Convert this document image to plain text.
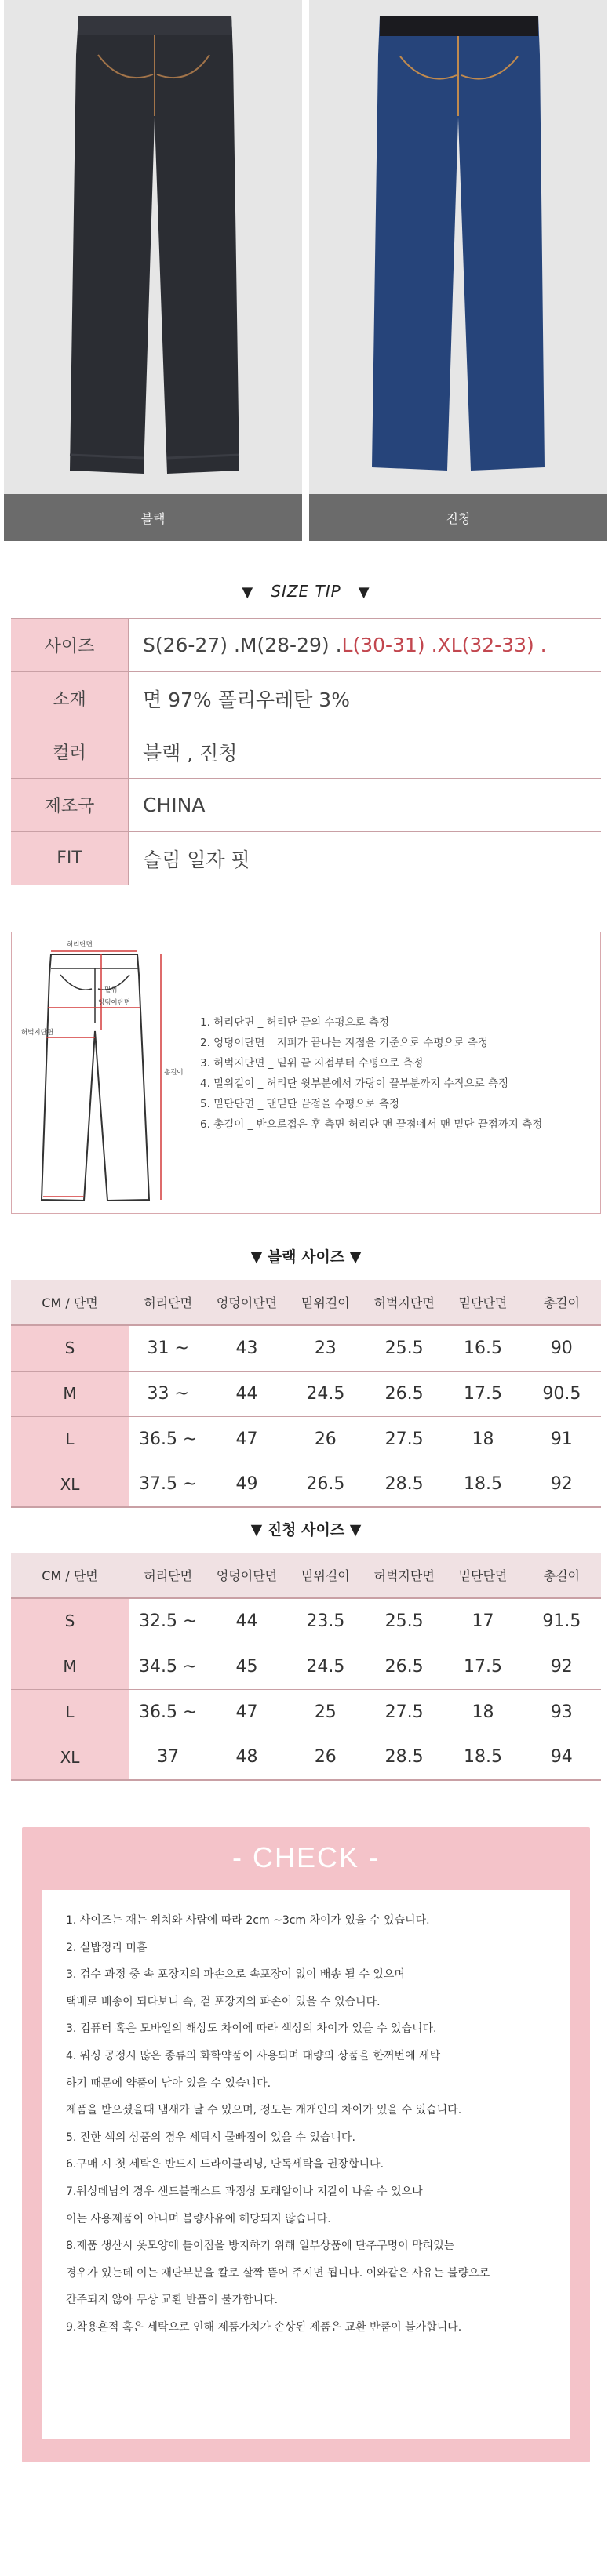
블랙	진청
▼ SIZE TIP ▼
사이즈	S(26-27) . M(28-29) . L(30-31) . XL(32-33) .
소재	면 97% 폴리우레탄 3%
컬러	블랙 , 진청
제조국	CHINA
FIT	슬림 일자 핏
허리단면
엉덩이단면
밑위
허벅지단면
총길이
1. 허리단면 _ 허리단 끝의 수평으로 측정
2. 엉덩이단면 _ 지퍼가 끝나는 지점을 기준으로 수평으로 측정
3. 허벅지단면 _ 밑위 끝 지점부터 수평으로 측정
4. 밑위길이 _ 허리단 윗부분에서 가랑이 끝부분까지 수직으로 측정
5. 밑단단면 _ 맨밑단 끝점을 수평으로 측정
6. 총길이 _ 반으로접은 후 측면 허리단 맨 끝점에서 맨 밑단 끝점까지 측정
▼ 블랙 사이즈 ▼
CM / 단면	허리단면	엉덩이단면	밑위길이	허벅지단면	밑단단면	총길이
S	31 ~	43	23	25.5	16.5	90
M	33 ~	44	24.5	26.5	17.5	90.5
L	36.5 ~	47	26	27.5	18	91
XL	37.5 ~	49	26.5	28.5	18.5	92
▼ 진청 사이즈 ▼
CM / 단면	허리단면	엉덩이단면	밑위길이	허벅지단면	밑단단면	총길이
S	32.5 ~	44	23.5	25.5	17	91.5
M	34.5 ~	45	24.5	26.5	17.5	92
L	36.5 ~	47	25	27.5	18	93
XL	37	48	26	28.5	18.5	94
- CHECK -
1. 사이즈는 재는 위치와 사람에 따라 2cm ~3cm 차이가 있을 수 있습니다.
2. 실밥정리 미흡
3. 검수 과정 중 속 포장지의 파손으로 속포장이 없이 배송 될 수 있으며
택배로 배송이 되다보니 속, 겉 포장지의 파손이 있을 수 있습니다.
3. 컴퓨터 혹은 모바일의 해상도 차이에 따라 색상의 차이가 있을 수 있습니다.
4. 워싱 공정시 많은 종류의 화학약품이 사용되며 대량의 상품을 한꺼번에 세탁
하기 때문에 약품이 남아 있을 수 있습니다.
제품을 받으셨을때 냄새가 날 수 있으며, 정도는 개개인의 차이가 있을 수 있습니다.
5. 진한 색의 상품의 경우 세탁시 물빠짐이 있을 수 있습니다.
6.구매 시 첫 세탁은 반드시 드라이클리닝, 단독세탁을 권장합니다.
7.워싱데님의 경우 샌드블래스트 과정상 모래알이나 지갈이 나올 수 있으나
이는 사용제품이 아니며 불량사유에 해당되지 않습니다.
8.제품 생산시 옷모양에 틀어짐을 방지하기 위해 일부상품에 단추구멍이 막혀있는
경우가 있는데 이는 재단부분을 칼로 살짝 뜯어 주시면 됩니다. 이와같은 사유는 불량으로
간주되지 않아 무상 교환 반품이 불가합니다.
9.착용흔적 혹은 세탁으로 인해 제품가치가 손상된 제품은 교환 반품이 불가합니다.
